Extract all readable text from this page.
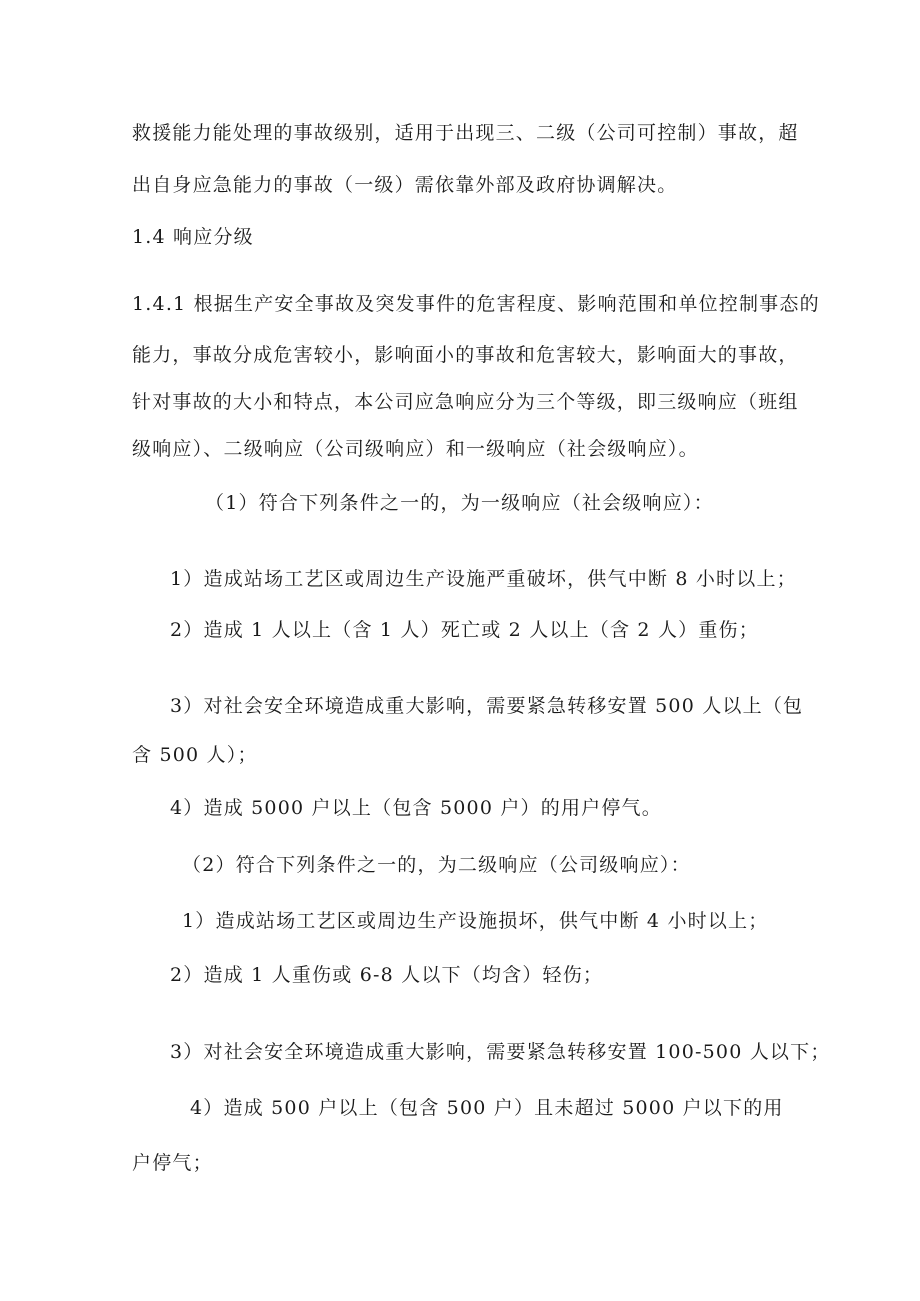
救援能力能处理的事故级别，适用于出现三、二级（公司可控制）事故，超
出自身应急能力的事故（一级）需依靠外部及政府协调解决。
1.4 响应分级
1.4.1 根据生产安全事故及突发事件的危害程度、影响范围和单位控制事态的
能力，事故分成危害较小，影响面小的事故和危害较大，影响面大的事故，
针对事故的大小和特点，本公司应急响应分为三个等级，即三级响应（班组
级响应）、二级响应（公司级响应）和一级响应（社会级响应）。
（1）符合下列条件之一的，为一级响应（社会级响应）：
1）造成站场工艺区或周边生产设施严重破坏，供气中断 8 小时以上；
2）造成 1 人以上（含 1 人）死亡或 2 人以上（含 2 人）重伤；
3）对社会安全环境造成重大影响，需要紧急转移安置 500 人以上（包
含 500 人）；
4）造成 5000 户以上（包含 5000 户）的用户停气。
（2）符合下列条件之一的，为二级响应（公司级响应）：
1）造成站场工艺区或周边生产设施损坏，供气中断 4 小时以上；
2）造成 1 人重伤或 6-8 人以下（均含）轻伤；
3）对社会安全环境造成重大影响，需要紧急转移安置 100-500 人以下；
4）造成 500 户以上（包含 500 户）且未超过 5000 户以下的用
户停气；
